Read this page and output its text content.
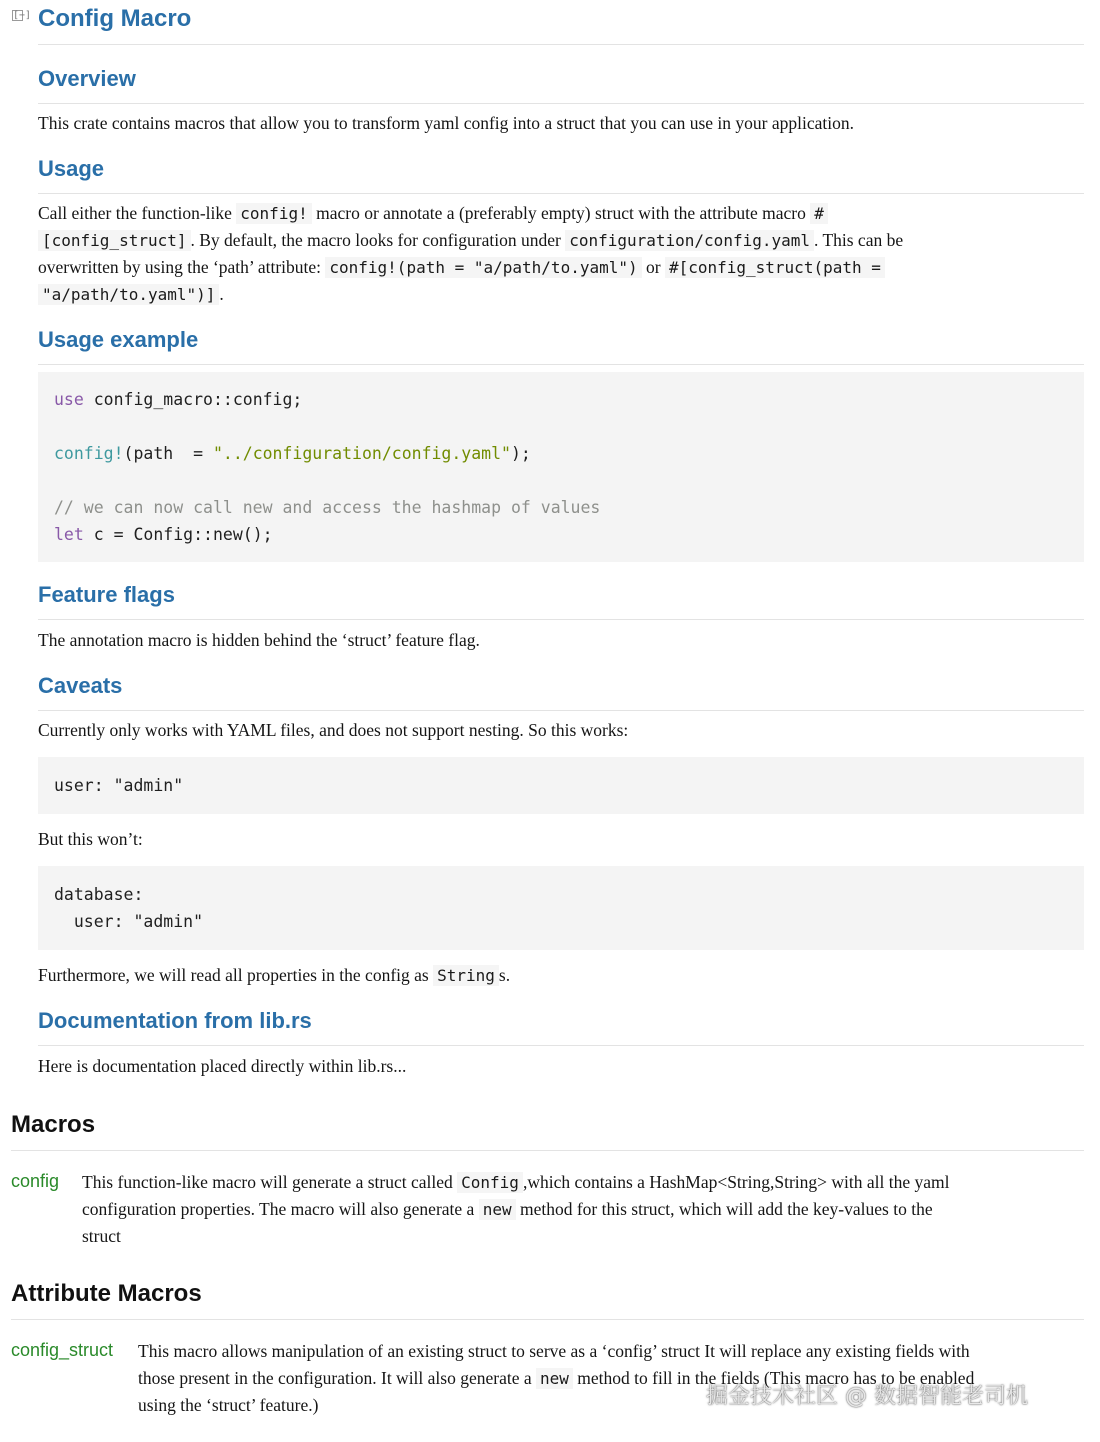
[−] Config Macro
Overview
This crate contains macros that allow you to transform yaml config into a struct that you can use in your application.
Usage
Call either the function-like config! macro or annotate a (preferably empty) struct with the attribute macro #
[config_struct] . By default, the macro looks for configuration under configuration/config.yaml . This can be
overwritten by using the ‘path’ attribute: config!(path = "a/path/to.yaml") or #[config_struct(path =
"a/path/to.yaml")] .
Usage example
use config_macro::config;
config!(path  = "../configuration/config.yaml");
// we can now call new and access the hashmap of values
let c = Config::new();
Feature flags
The annotation macro is hidden behind the ‘struct’ feature flag.
Caveats
Currently only works with YAML files, and does not support nesting. So this works:
user: "admin"
But this won’t:
database:
user: "admin"
Furthermore, we will read all properties in the config as String s.
Documentation from lib.rs
Here is documentation placed directly within lib.rs...
Macros
config This function-like macro will generate a struct called Config ,which contains a HashMap<String,String> with all the yaml
configuration properties. The macro will also generate a new method for this struct, which will add the key-values to the
struct
Attribute Macros
config_struct This macro allows manipulation of an existing struct to serve as a ‘config’ struct It will replace any existing fields with
those present in the configuration. It will also generate a new method to fill in the fields (This macro has to be enabled
using the ‘struct’ feature.)	掘金技术社区 @ 数据智能老司机
